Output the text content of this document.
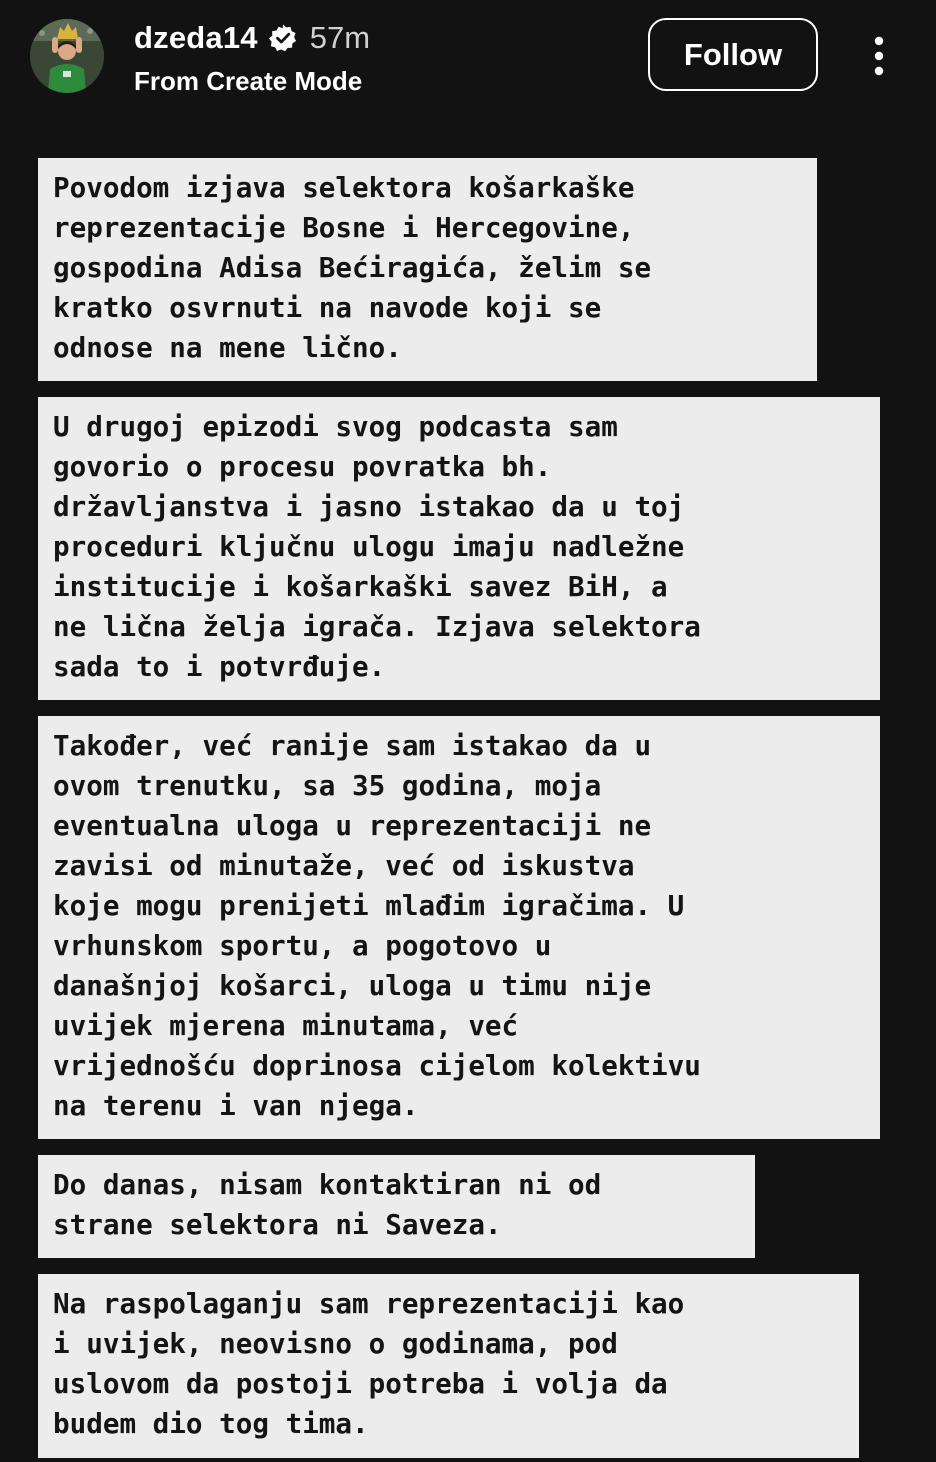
dzeda14 57m
From Create Mode
Follow
Povodom izjava selektora košarkaške
reprezentacije Bosne i Hercegovine,
gospodina Adisa Bećiragića, želim se
kratko osvrnuti na navode koji se
odnose na mene lično.
U drugoj epizodi svog podcasta sam
govorio o procesu povratka bh.
državljanstva i jasno istakao da u toj
proceduri ključnu ulogu imaju nadležne
institucije i košarkaški savez BiH, a
ne lična želja igrača. Izjava selektora
sada to i potvrđuje.
Također, već ranije sam istakao da u
ovom trenutku, sa 35 godina, moja
eventualna uloga u reprezentaciji ne
zavisi od minutaže, već od iskustva
koje mogu prenijeti mlađim igračima. U
vrhunskom sportu, a pogotovo u
današnjoj košarci, uloga u timu nije
uvijek mjerena minutama, već
vrijednošću doprinosa cijelom kolektivu
na terenu i van njega.
Do danas, nisam kontaktiran ni od
strane selektora ni Saveza.
Na raspolaganju sam reprezentaciji kao
i uvijek, neovisno o godinama, pod
uslovom da postoji potreba i volja da
budem dio tog tima.
